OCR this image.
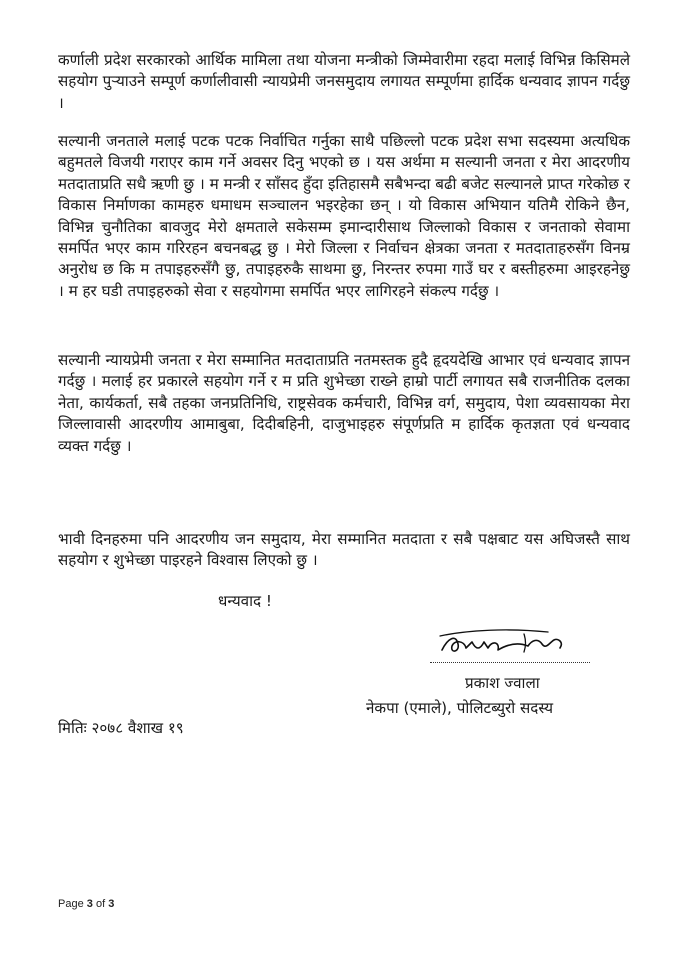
कर्णाली प्रदेश सरकारको आर्थिक मामिला तथा योजना मन्त्रीको जिम्मेवारीमा रहदा मलाई विभिन्न किसिमले सहयोग पुऱ्याउने सम्पूर्ण कर्णालीवासी न्यायप्रेमी जनसमुदाय लगायत सम्पूर्णमा हार्दिक धन्यवाद ज्ञापन गर्दछु ।

सल्यानी जनताले मलाई पटक पटक निर्वाचित गर्नुका साथै पछिल्लो पटक प्रदेश सभा सदस्यमा अत्यधिक बहुमतले विजयी गराएर काम गर्ने अवसर दिनु भएको छ । यस अर्थमा म सल्यानी जनता र मेरा आदरणीय मतदाताप्रति सधै ऋणी छु । म मन्त्री र साँसद हुँदा इतिहासमै सबैभन्दा बढी बजेट सल्यानले प्राप्त गरेकोछ र विकास निर्माणका कामहरु धमाधम सञ्चालन भइरहेका छन् । यो विकास अभियान यतिमै रोकिने छैन, विभिन्न चुनौतिका बावजुद मेरो क्षमताले सकेसम्म इमान्दारीसाथ जिल्लाको विकास र जनताको सेवामा समर्पित भएर काम गरिरहन बचनबद्ध छु । मेरो जिल्ला र निर्वाचन क्षेत्रका जनता र मतदाताहरुसँग विनम्र अनुरोध छ कि म तपाइहरुसँगै छु, तपाइहरुकै साथमा छु, निरन्तर रुपमा गाउँ घर र बस्तीहरुमा आइरहनेछु । म हर घडी तपाइहरुको सेवा र सहयोगमा समर्पित भएर लागिरहने संकल्प गर्दछु ।

सल्यानी न्यायप्रेमी जनता र मेरा सम्मानित मतदाताप्रति नतमस्तक हुदै हृदयदेखि आभार एवं धन्यवाद ज्ञापन गर्दछु । मलाई हर प्रकारले सहयोग गर्ने र म प्रति शुभेच्छा राख्ने हाम्रो पार्टी लगायत सबै राजनीतिक दलका नेता, कार्यकर्ता, सबै तहका जनप्रतिनिधि, राष्ट्रसेवक कर्मचारी, विभिन्न वर्ग, समुदाय, पेशा व्यवसायका मेरा जिल्लावासी आदरणीय आमाबुबा, दिदीबहिनी, दाजुभाइहरु संपूर्णप्रति म हार्दिक कृतज्ञता एवं धन्यवाद व्यक्त गर्दछु ।

भावी दिनहरुमा पनि आदरणीय जन समुदाय, मेरा सम्मानित मतदाता र सबै पक्षबाट यस अघिजस्तै साथ सहयोग र शुभेच्छा पाइरहने विश्वास लिएको छु ।

धन्यवाद !
प्रकाश ज्वाला
नेकपा (एमाले), पोलिटब्युरो सदस्य
मितिः २०७८ वैशाख १९
Page 3 of 3
